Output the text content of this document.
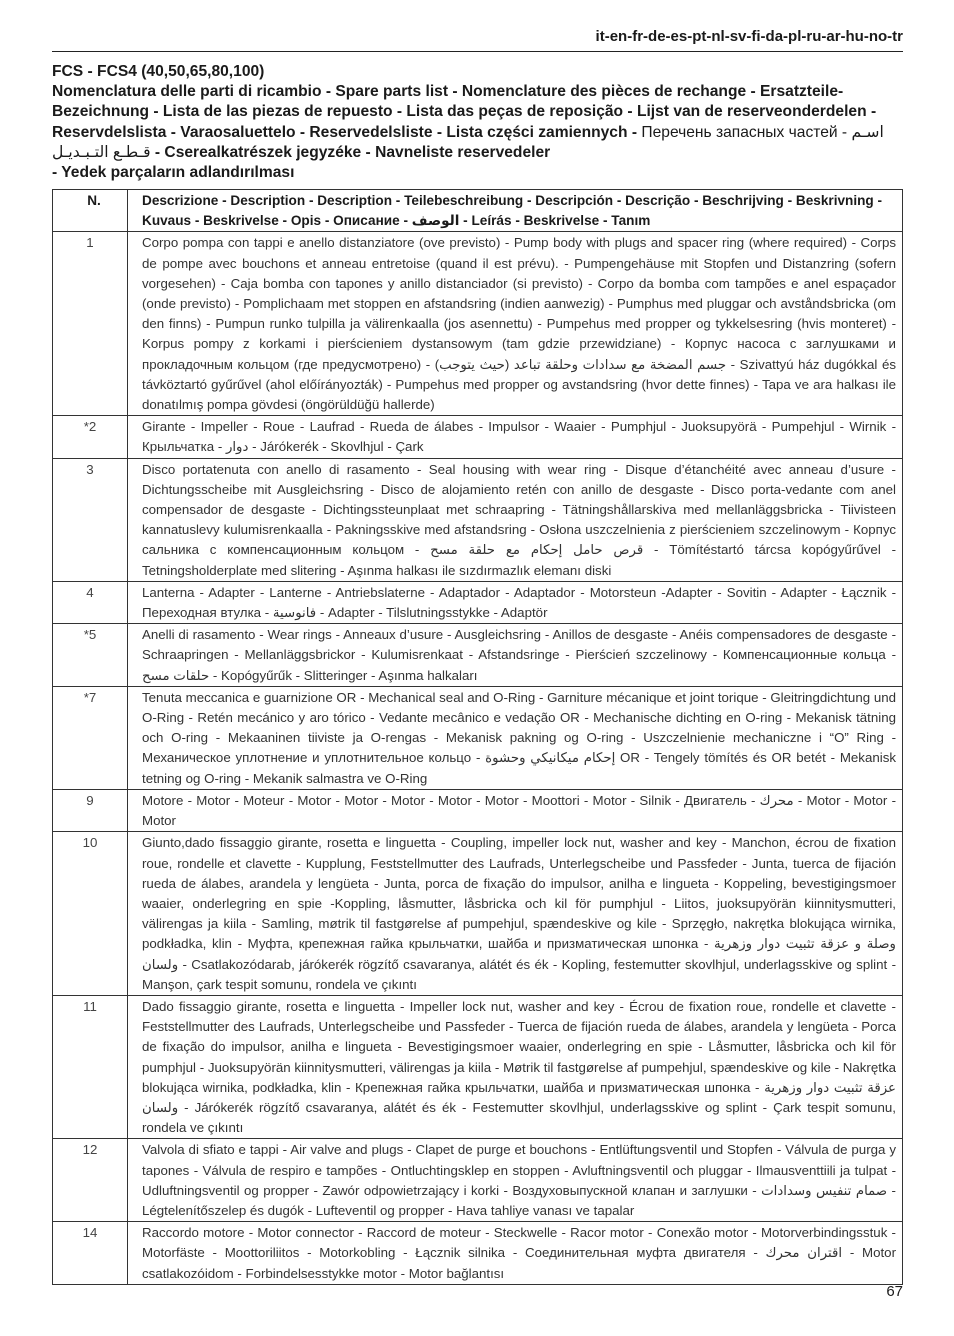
it-en-fr-de-es-pt-nl-sv-fi-da-pl-ru-ar-hu-no-tr
FCS - FCS4 (40,50,65,80,100)
Nomenclatura delle parti di ricambio - Spare parts list - Nomenclature des pièces de rechange - Ersatzteile-Bezeichnung - Lista de las piezas de repuesto - Lista das peças de reposição - Lijst van de reserveonderdelen - Reservdelslista - Varaosaluettelo - Reservedelsliste - Lista części zamiennych - Перечень запасных частей - اسـم قـطـع التـبـديـل - Cserealkatrészek jegyzéke - Navneliste reservedeler
- Yedek parçaların adlandırılması
N.	Descrizione - Description - Description - Teilebeschreibung - Descripción - Descrição - Beschrijving - Beskrivning - Kuvaus - Beskrivelse - Opis - Описание - الوصف - Leírás - Beskrivelse - Tanım
1	Corpo pompa con tappi e anello distanziatore (ove previsto) - Pump body with plugs and spacer ring (where required) - Corps de pompe avec bouchons et anneau entretoise (quand il est prévu). - Pumpengehäuse mit Stopfen und Distanzring (sofern vorgesehen) - Caja bomba con tapones y anillo distanciador (si previsto) - Corpo da bomba com tampões e anel espaçador (onde previsto) - Pomplichaam met stoppen en afstandsring (indien aanwezig) - Pumphus med pluggar och avståndsbricka (om den finns) - Pumpun runko tulpilla ja välirenkaalla (jos asennettu) - Pumpehus med propper og tykkelsesring (hvis monteret) - Korpus pompy z korkami i pierścieniem dystansowym (tam gdzie przewidziane) - Корпус насоса с заглушками и прокладочным кольцом (где предусмотрено) - جسم المضخة مع سدادات وحلقة تباعد (حيث يتوجب) - Szivattyú ház dugókkal és távköztartó gyűrűvel (ahol előírányozták) - Pumpehus med propper og avstandsring (hvor dette finnes) - Tapa ve ara halkası ile donatılmış pompa gövdesi (öngörüldüğü hallerde)
*2	Girante - Impeller - Roue - Laufrad - Rueda de álabes - Impulsor - Waaier - Pumphjul - Juoksupyörä - Pumpehjul - Wirnik - Крыльчатка - دوار - Járókerék - Skovlhjul - Çark
3	Disco portatenuta con anello di rasamento - Seal housing with wear ring - Disque d’étanchéité avec anneau d’usure - Dichtungsscheibe mit Ausgleichsring - Disco de alojamiento retén con anillo de desgaste - Disco porta-vedante com anel compensador de desgaste - Dichtingssteunplaat met schraapring - Tätningshållarskiva med mellanläggsbricka - Tiivisteen kannatuslevy kulumisrenkaalla - Pakningsskive med afstandsring - Osłona uszczelnienia z pierścieniem szczelinowym - Корпус сальника с компенсационным кольцом - قرص حامل إحكام مع حلقة مسح - Tömítéstartó tárcsa kopógyűrűvel - Tetningsholderplate med slitering - Aşınma halkası ile sızdırmazlık elemanı diski
4	Lanterna - Adapter - Lanterne - Antriebslaterne - Adaptador - Adaptador - Motorsteun -Adapter - Sovitin - Adapter - Łącznik - Переходная втулка - فانوسية - Adapter - Tilslutningsstykke - Adaptör
*5	Anelli di rasamento - Wear rings - Anneaux d’usure - Ausgleichsring - Anillos de desgaste - Anéis compensadores de desgaste - Schraapringen - Mellanläggsbrickor - Kulumisrenkaat - Afstandsringe - Pierścień szczelinowy - Компенсационные кольца - حلقات مسح - Kopógyűrűk - Slitteringer - Aşınma halkaları
*7	Tenuta meccanica e guarnizione OR - Mechanical seal and O-Ring - Garniture mécanique et joint torique - Gleitringdichtung und O-Ring - Retén mecánico y aro tórico - Vedante mecânico e vedação OR - Mechanische dichting en O-ring - Mekanisk tätning och O-ring - Mekaaninen tiiviste ja O-rengas - Mekanisk pakning og O-ring - Uszczelnienie mechaniczne i “O” Ring - Механическое уплотнение и уплотнительное кольцо - إحكام ميكانيكي وحشوة OR - Tengely tömítés és OR betét - Mekanisk tetning og O-ring - Mekanik salmastra ve O-Ring
9	Motore - Motor - Moteur - Motor - Motor - Motor - Motor - Motor - Moottori - Motor - Silnik - Двигатель - محرك - Motor - Motor - Motor
10	Giunto,dado fissaggio girante, rosetta e linguetta - Coupling, impeller lock nut, washer and key - Manchon, écrou de fixation roue, rondelle et clavette - Kupplung, Feststellmutter des Laufrads, Unterlegscheibe und Passfeder - Junta, tuerca de fijación rueda de álabes, arandela y lengüeta - Junta, porca de fixação do impulsor, anilha e lingueta - Koppeling, bevestigingsmoer waaier, onderlegring en spie -Koppling, låsmutter, låsbricka och kil för pumphjul - Liitos, juoksupyörän kiinnitysmutteri, välirengas ja kiila - Samling, møtrik til fastgørelse af pumpehjul, spændeskive og kile - Sprzęgło, nakrętka blokująca wirnika, podkładka, klin - Муфта, крепежная гайка крыльчатки, шайба и призматическая шпонка - وصلة و عزقة تثبيت دوار وزهرية ولسان - Csatlakozódarab, járókerék rögzítő csavaranya, alátét és ék - Kopling, festemutter skovlhjul, underlagsskive og splint - Manşon, çark tespit somunu, rondela ve çıkıntı
11	Dado fissaggio girante, rosetta e linguetta - Impeller lock nut, washer and key - Écrou de fixation roue, rondelle et clavette - Feststellmutter des Laufrads, Unterlegscheibe und Passfeder - Tuerca de fijación rueda de álabes, arandela y lengüeta - Porca de fixação do impulsor, anilha e lingueta - Bevestigingsmoer waaier, onderlegring en spie - Låsmutter, låsbricka och kil för pumphjul - Juoksupyörän kiinnitysmutteri, välirengas ja kiila - Møtrik til fastgørelse af pumpehjul, spændeskive og kile - Nakrętka blokująca wirnika, podkładka, klin - Крепежная гайка крыльчатки, шайба и призматическая шпонка - عزقة تثبيت دوار وزهرية ولسان - Járókerék rögzítő csavaranya, alátét és ék - Festemutter skovlhjul, underlagsskive og splint - Çark tespit somunu, rondela ve çıkıntı
12	Valvola di sfiato e tappi - Air valve and plugs - Clapet de purge et bouchons - Entlüftungsventil und Stopfen - Válvula de purga y tapones - Válvula de respiro e tampões - Ontluchtingsklep en stoppen - Avluftningsventil och pluggar - Ilmausventtiili ja tulpat - Udluftningsventil og propper - Zawór odpowietrzający i korki - Воздуховыпускной клапан и заглушки - صمام تنفيس وسدادات - Légtelenítőszelep és dugók - Lufteventil og propper - Hava tahliye vanası ve tapalar
14	Raccordo motore - Motor connector - Raccord de moteur - Steckwelle - Racor motor - Conexão motor - Motorverbindingsstuk - Motorfäste - Moottoriliitos - Motorkobling - Łącznik silnika - Соединительная муфта двигателя - اقتران محرك - Motor csatlakozóidom - Forbindelsesstykke motor - Motor bağlantısı
67
